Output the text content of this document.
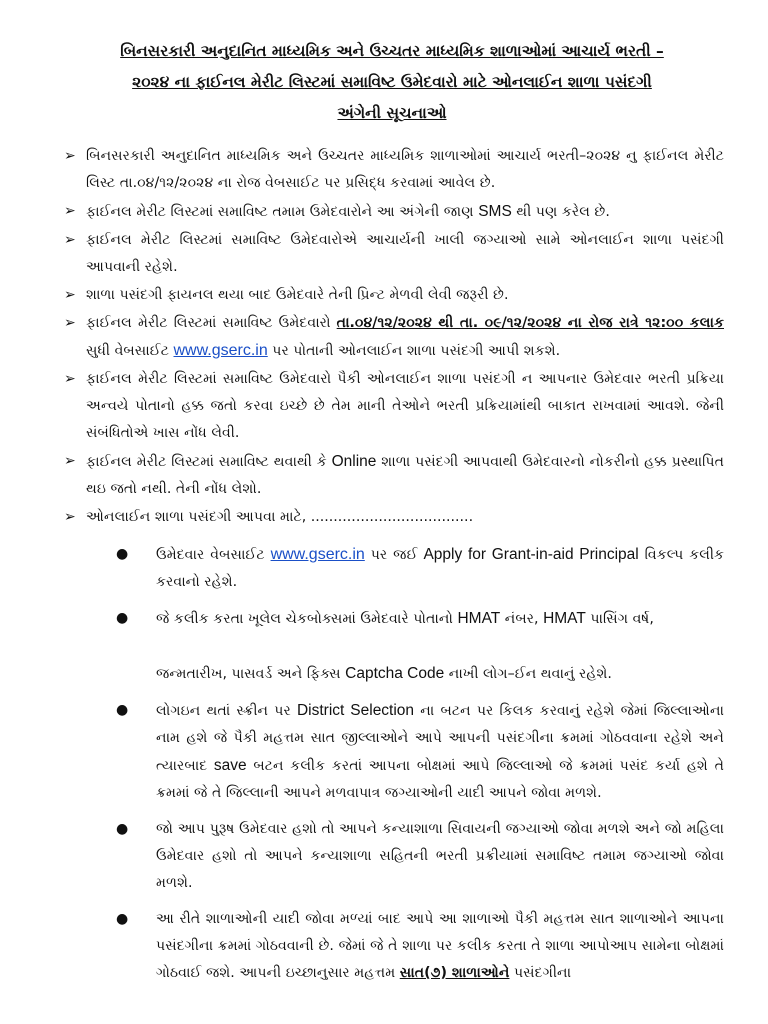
બિનસરકારી અનુદાનિત માધ્યમિક અને ઉચ્ચતર માધ્યમિક શાળાઓમાં આચાર્ય ભરતી –
૨૦૨૪ ના ફાઈનલ મેરીટ લિસ્ટમાં સમાવિષ્ટ ઉમેદવારો માટે ઓનલાઈન શાળા પસંદગી
અંગેની સૂચનાઓ
➢ બિનસરકારી અનુદાનિત માધ્યમિક અને ઉચ્ચતર માધ્યમિક શાળાઓમાં આચાર્ય ભરતી–૨૦૨૪ નુ ફાઈનલ મેરીટ લિસ્ટ તા.૦૪/૧૨/૨૦૨૪ ના રોજ વેબસાઈટ પર પ્રસિદ્ધ કરવામાં આવેલ છે.
➢ ફાઈનલ મેરીટ લિસ્ટમાં સમાવિષ્ટ તમામ ઉમેદવારોને આ અંગેની જાણ SMS થી પણ કરેલ છે.
➢ ફાઈનલ મેરીટ લિસ્ટમાં સમાવિષ્ટ ઉમેદવારોએ આચાર્યની ખાલી જગ્યાઓ સામે ઓનલાઈન શાળા પસંદગી આપવાની રહેશે.
➢ શાળા પસંદગી ફાયનલ થયા બાદ ઉમેદવારે તેની પ્રિન્ટ મેળવી લેવી જરૂરી છે.
➢ ફાઈનલ મેરીટ લિસ્ટમાં સમાવિષ્ટ ઉમેદવારો તા.૦૪/૧૨/૨૦૨૪ થી તા. ૦૯/૧૨/૨૦૨૪ ના રોજ રાત્રે ૧૨:૦૦ કલાક સુધી વેબસાઈટ www.gserc.in પર પોતાની ઓનલાઈન શાળા પસંદગી આપી શકશે.
➢ ફાઈનલ મેરીટ લિસ્ટમાં સમાવિષ્ટ ઉમેદવારો પૈકી ઓનલાઈન શાળા પસંદગી ન આપનાર ઉમેદવાર ભરતી પ્રક્રિયા અન્વયે પોતાનો હક્ક જતો કરવા ઇચ્છે છે તેમ માની તેઓને ભરતી પ્રક્રિયામાંથી બાકાત રાખવામાં આવશે. જેની સંબંધિતોએ ખાસ નોંધ લેવી.
➢ ફાઈનલ મેરીટ લિસ્ટમાં સમાવિષ્ટ થવાથી કે Online શાળા પસંદગી આપવાથી ઉમેદવારનો નોકરીનો હક્ક પ્રસ્થાપિત થઇ જતો નથી. તેની નોંધ લેશો.
➢ ઓનલાઈન શાળા પસંદગી આપવા માટે, ....................................
● ઉમેદવાર વેબસાઈટ www.gserc.in પર જઈ Apply for Grant-in-aid Principal વિકલ્પ કલીક કરવાનો રહેશે.
● જે કલીક કરતા ખૂલેલ ચેકબોક્સમાં ઉમેદવારે પોતાનો HMAT નંબર, HMAT પાસિંગ વર્ષ,

જન્મતારીખ, પાસવર્ડ અને ફિક્સ Captcha Code નાખી લોગ–ઈન થવાનું રહેશે.
● લોગઇન થતાં સ્ક્રીન પર District Selection ના બટન પર કિલક કરવાનું રહેશે જેમાં જિલ્લાઓના નામ હશે જે પૈકી મહત્તમ સાત જીલ્લાઓને આપે આપની પસંદગીના ક્રમમાં ગોઠવવાના રહેશે અને ત્યારબાદ save બટન કલીક કરતાં આપના બોક્ષમાં આપે જિલ્લાઓ જે ક્રમમાં પસંદ કર્યા હશે તે ક્રમમાં જે તે જિલ્લાની આપને મળવાપાત્ર જગ્યાઓની યાદી આપને જોવા મળશે.
● જો આપ પુરૂષ ઉમેદવાર હશો તો આપને કન્યાશાળા સિવાયની જગ્યાઓ જોવા મળશે અને જો મહિલા ઉમેદવાર હશો તો આપને કન્યાશાળા સહિતની ભરતી પ્રક્રીયામાં સમાવિષ્ટ તમામ જગ્યાઓ જોવા મળશે.
● આ રીતે શાળાઓની યાદી જોવા મળ્યાં બાદ આપે આ શાળાઓ પૈકી મહત્તમ સાત શાળાઓને આપના પસંદગીના ક્રમમાં ગોઠવવાની છે. જેમાં જે તે શાળા પર કલીક કરતા તે શાળા આપોઆપ સામેના બોક્ષમાં ગોઠવાઈ જશે. આપની ઇચ્છાનુસાર મહત્તમ સાત(૭) શાળાઓને પસંદગીના
